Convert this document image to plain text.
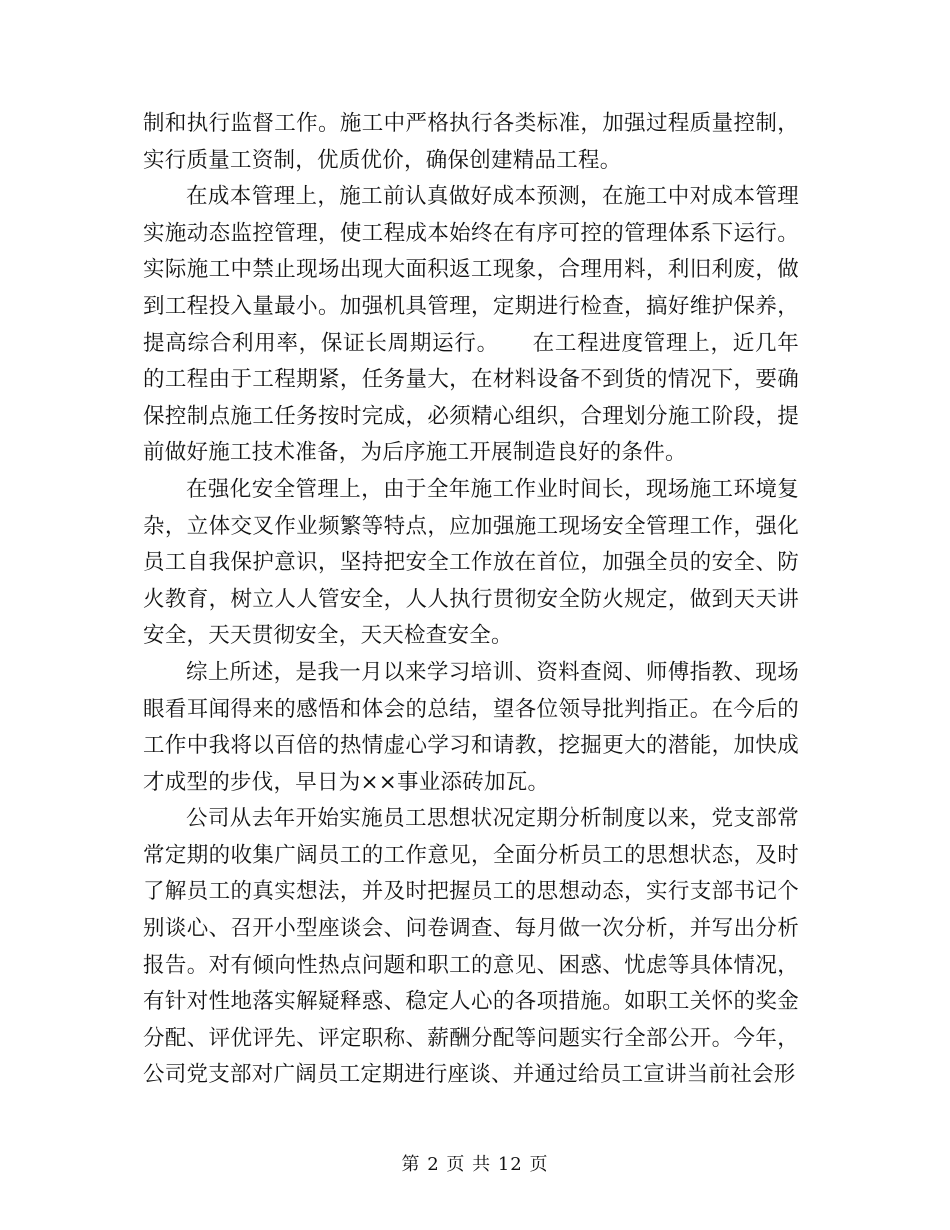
制和执行监督工作。施工中严格执行各类标准，加强过程质量控制，实行质量工资制，优质优价，确保创建精品工程。

在成本管理上，施工前认真做好成本预测，在施工中对成本管理实施动态监控管理，使工程成本始终在有序可控的管理体系下运行。实际施工中禁止现场出现大面积返工现象，合理用料，利旧利废，做到工程投入量最小。加强机具管理，定期进行检查，搞好维护保养，提高综合利用率，保证长周期运行。　　在工程进度管理上，近几年的工程由于工程期紧，任务量大，在材料设备不到货的情况下，要确保控制点施工任务按时完成，必须精心组织，合理划分施工阶段，提前做好施工技术准备，为后序施工开展制造良好的条件。

在强化安全管理上，由于全年施工作业时间长，现场施工环境复杂，立体交叉作业频繁等特点，应加强施工现场安全管理工作，强化员工自我保护意识，坚持把安全工作放在首位，加强全员的安全、防火教育，树立人人管安全，人人执行贯彻安全防火规定，做到天天讲安全，天天贯彻安全，天天检查安全。

综上所述，是我一月以来学习培训、资料查阅、师傅指教、现场眼看耳闻得来的感悟和体会的总结，望各位领导批判指正。在今后的工作中我将以百倍的热情虚心学习和请教，挖掘更大的潜能，加快成才成型的步伐，早日为××事业添砖加瓦。

公司从去年开始实施员工思想状况定期分析制度以来，党支部常常定期的收集广阔员工的工作意见，全面分析员工的思想状态，及时了解员工的真实想法，并及时把握员工的思想动态，实行支部书记个别谈心、召开小型座谈会、问卷调查、每月做一次分析，并写出分析报告。对有倾向性热点问题和职工的意见、困惑、忧虑等具体情况，有针对性地落实解疑释惑、稳定人心的各项措施。如职工关怀的奖金分配、评优评先、评定职称、薪酬分配等问题实行全部公开。今年，公司党支部对广阔员工定期进行座谈、并通过给员工宣讲当前社会形

第 2 页 共 12 页
